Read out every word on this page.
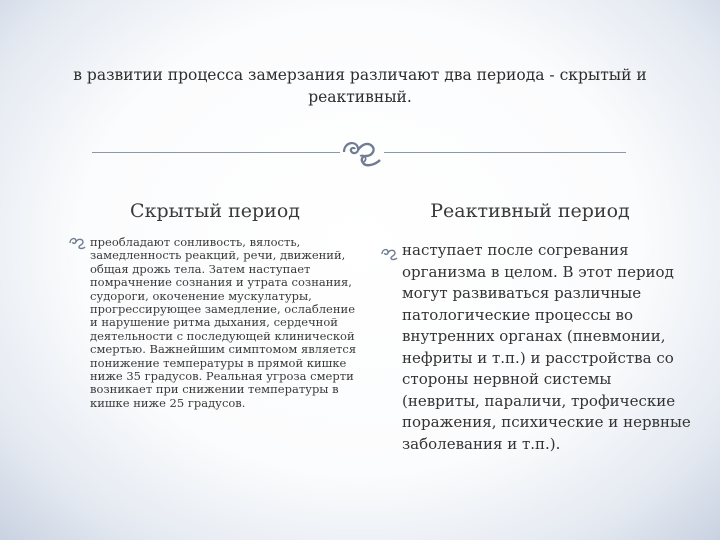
в развитии процесса замерзания различают два периода - скрытый и реактивный.
Скрытый период	Реактивный период
преобладают сонливость, вялость, замедленность реакций, речи, движений, общая дрожь тела. Затем наступает помрачнение сознания и утрата сознания, судороги, окоченение мускулатуры, прогрессирующее замедление, ослабление и нарушение ритма дыхания, сердечной деятельности с последующей клинической смертью. Важнейшим симптомом является понижение температуры в прямой кишке ниже 35 градусов. Реальная угроза смерти возникает при снижении температуры в кишке ниже 25 градусов.
наступает после согревания организма в целом. В этот период могут развиваться различные патологические процессы во внутренних органах (пневмонии, нефриты и т.п.) и расстройства со стороны нервной системы (невриты, параличи, трофические поражения, психические и нервные заболевания и т.п.).
